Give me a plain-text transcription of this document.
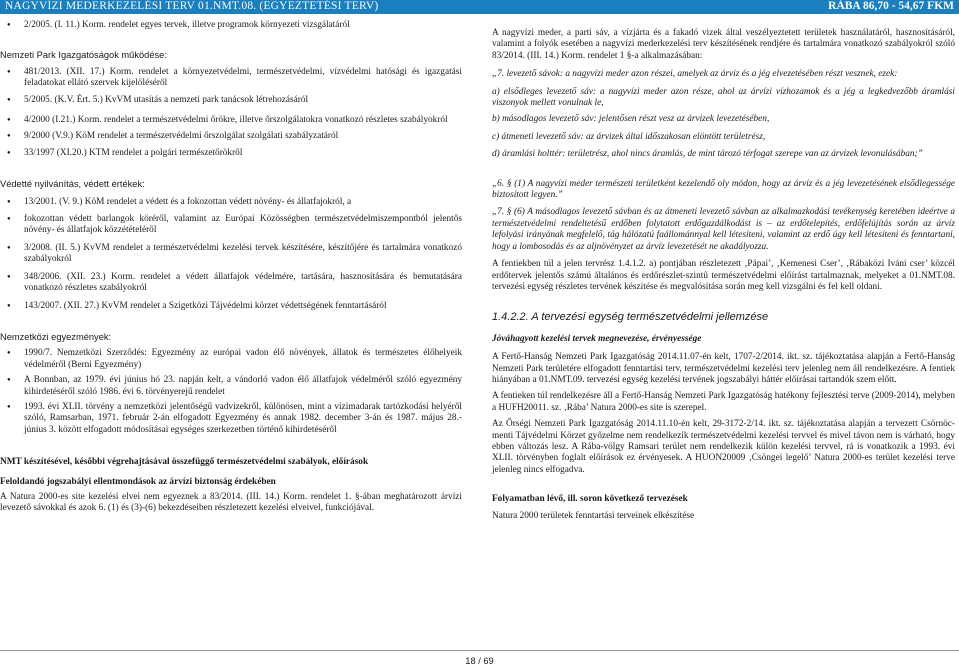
NAGYVÍZI MEDERKEZELÉSI TERV 01.NMT.08. (EGYEZTETÉSI TERV)	RÁBA 86,70 - 54,67 FKM
● 2/2005. (I. 11.) Korm. rendelet egyes tervek, illetve programok környezeti vizsgálatáról
Nemzeti Park Igazgatóságok működése:
● 481/2013. (XII. 17.) Korm. rendelet a környezetvédelmi, természetvédelmi, vízvédelmi hatósági és igazgatási feladatokat ellátó szervek kijelöléséről
● 5/2005. (K.V. Ért. 5.) KvVM utasítás a nemzeti park tanácsok létrehozásáról
● 4/2000 (I.21.) Korm. rendelet a természetvédelmi őrökre, illetve őrszolgálatokra vonatkozó részletes szabályokról
● 9/2000 (V.9.) KöM rendelet a természetvédelmi őrszolgálat szolgálati szabályzatáról
● 33/1997 (XI.20.) KTM rendelet a polgári természetőrökről
Védetté nyilvánítás, védett értékek:
● 13/2001. (V. 9.) KöM rendelet a védett és a fokozottan védett növény- és állatfajokról, a
● fokozottan védett barlangok köréről, valamint az Európai Közösségben természetvédelmiszempontból jelentős növény- és állatfajok közzétételéről
● 3/2008. (II. 5.) KvVM rendelet a természetvédelmi kezelési tervek készítésére, készítőjére és tartalmára vonatkozó szabályokról
● 348/2006. (XII. 23.) Korm. rendelet a védett állatfajok védelmére, tartására, hasznosítására és bemutatására vonatkozó részletes szabályokról
● 143/2007. (XII. 27.) KvVM rendelet a Szigetközi Tájvédelmi körzet védettségének fenntartásáról
Nemzetközi egyezmények:
● 1990/7. Nemzetközi Szerződés: Egyezmény az európai vadon élő növények, állatok és természetes élőhelyeik védelméről (Berni Egyezmény)
● A Bonnban, az 1979. évi június hó 23. napján kelt, a vándorló vadon élő állatfajok védelméről szóló egyezmény kihirdetéséről szóló 1986. évi 6. törvényerejű rendelet
● 1993. évi XLII. törvény a nemzetközi jelentőségű vadvizekről, különösen, mint a vízimadarak tartózkodási helyéről szóló, Ramsarban, 1971. február 2-án elfogadott Egyezmény és annak 1982. december 3-án és 1987. május 28.-június 3. között elfogadott módosításai egységes szerkezetben történő kihirdetéséről
NMT készítésével, későbbi végrehajtásával összefüggő természetvédelmi szabályok, előírások
Feloldandó jogszabályi ellentmondások az árvízi biztonság érdekében
A Natura 2000-es site kezelési elvei nem egyeznek a 83/2014. (III. 14.) Korm. rendelet 1. §-ában meghatározott árvízi levezető sávokkal és azok 6. (1) és (3)-(6) bekezdéseiben részletezett kezelési elveivel, funkciójával.
A nagyvízi meder, a parti sáv, a vízjárta és a fakadó vizek által veszélyeztetett területek használatáról, hasznosításáról, valamint a folyók esetében a nagyvízi mederkezelési terv készítésének rendjére és tartalmára vonatkozó szabályokról szóló 83/2014. (III. 14.) Korm. rendelet 1 §-a alkalmazásában:
„7. levezető sávok: a nagyvízi meder azon részei, amelyek az árvíz és a jég elvezetésében részt vesznek, ezek:
a) elsődleges levezető sáv: a nagyvízi meder azon része, ahol az árvízi vízhozamok és a jég a legkedvezőbb áramlási viszonyok mellett vonulnak le,
b) másodlagos levezető sáv: jelentősen részt vesz az árvizek levezetésében,
c) átmeneti levezető sáv: az árvizek által időszakosan elöntött területrész,
d) áramlási holttér: területrész, ahol nincs áramlás, de mint tározó térfogat szerepe van az árvizek levonulásában;”
„6. § (1) A nagyvízi meder természeti területként kezelendő oly módon, hogy az árvíz és a jég levezetésének elsődlegessége biztosított legyen.”
„7. § (6) A másodlagos levezető sávban és az átmeneti levezető sávban az alkalmazkodási tevékenység keretében ideértve a természetvédelmi rendeltetésű erdőben folytatott erdőgazdálkodást is – az erdőtelepítés, erdőfelújítás során az árvíz lefolyási irányának megfelelő, tág hálózatú faállománnyal kell létesíteni, valamint az erdő úgy kell létesíteni és fenntartani, hogy a lombosodás és az aljnövényzet az árvíz levezetését ne akadályozza.
A fentiekben túl a jelen tervrész 1.4.1.2. a) pontjában részletezett ‚Pápai’, ‚Kemenesi Cser’, ‚Rábaközi Iváni cser’ közcél erdőtervek jelentős számú általános és erdőrészlet-szintű természetvédelmi előírást tartalmaznak, melyeket a 01.NMT.08. tervezési egység részletes tervének készítése és megvalósítása során meg kell vizsgálni és fel kell oldani.
1.4.2.2. A tervezési egység természetvédelmi jellemzése
Jóváhagyott kezelési tervek megnevezése, érvényessége
A Fertő-Hanság Nemzeti Park Igazgatóság 2014.11.07-én kelt, 1707-2/2014. ikt. sz. tájékoztatása alapján a Fertő-Hanság Nemzeti Park területére elfogadott fenntartási terv, természetvédelmi kezelési terv jelenleg nem áll rendelkezésre. A fentiek hiányában a 01.NMT.09. tervezési egység kezelési tervének jogszabályi háttér előírásai tartandók szem előtt.
A fentieken túl rendelkezésre áll a Fertő-Hanság Nemzeti Park Igazgatóság hatékony fejlesztési terve (2009-2014), melyben a HUFH20011. sz. ‚Rába’ Natura 2000-es site is szerepel.
Az Őrségi Nemzeti Park Igazgatóság 2014.11.10-én kelt, 29-3172-2/14. ikt. sz. tájékoztatása alapján a tervezett Csörnöc-menti Tájvédelmi Körzet győzelme nem rendelkezik természetvédelmi kezelési tervvel és mivel távon nem is várható, hogy ebben változás lesz. A Rába-völgy Ramsari terület nem rendelkezik külön kezelési tervvel, rá is vonatkozik a 1993. évi XLII. törvényben foglalt előírások ez érvényesek. A HUON20009 ‚Csöngei legelő’ Natura 2000-es terület kezelési terve jelenleg nincs elfogadva.
Folyamatban lévő, ill. soron következő tervezések
Natura 2000 területek fenntartási terveinek elkészítése
18 / 69
